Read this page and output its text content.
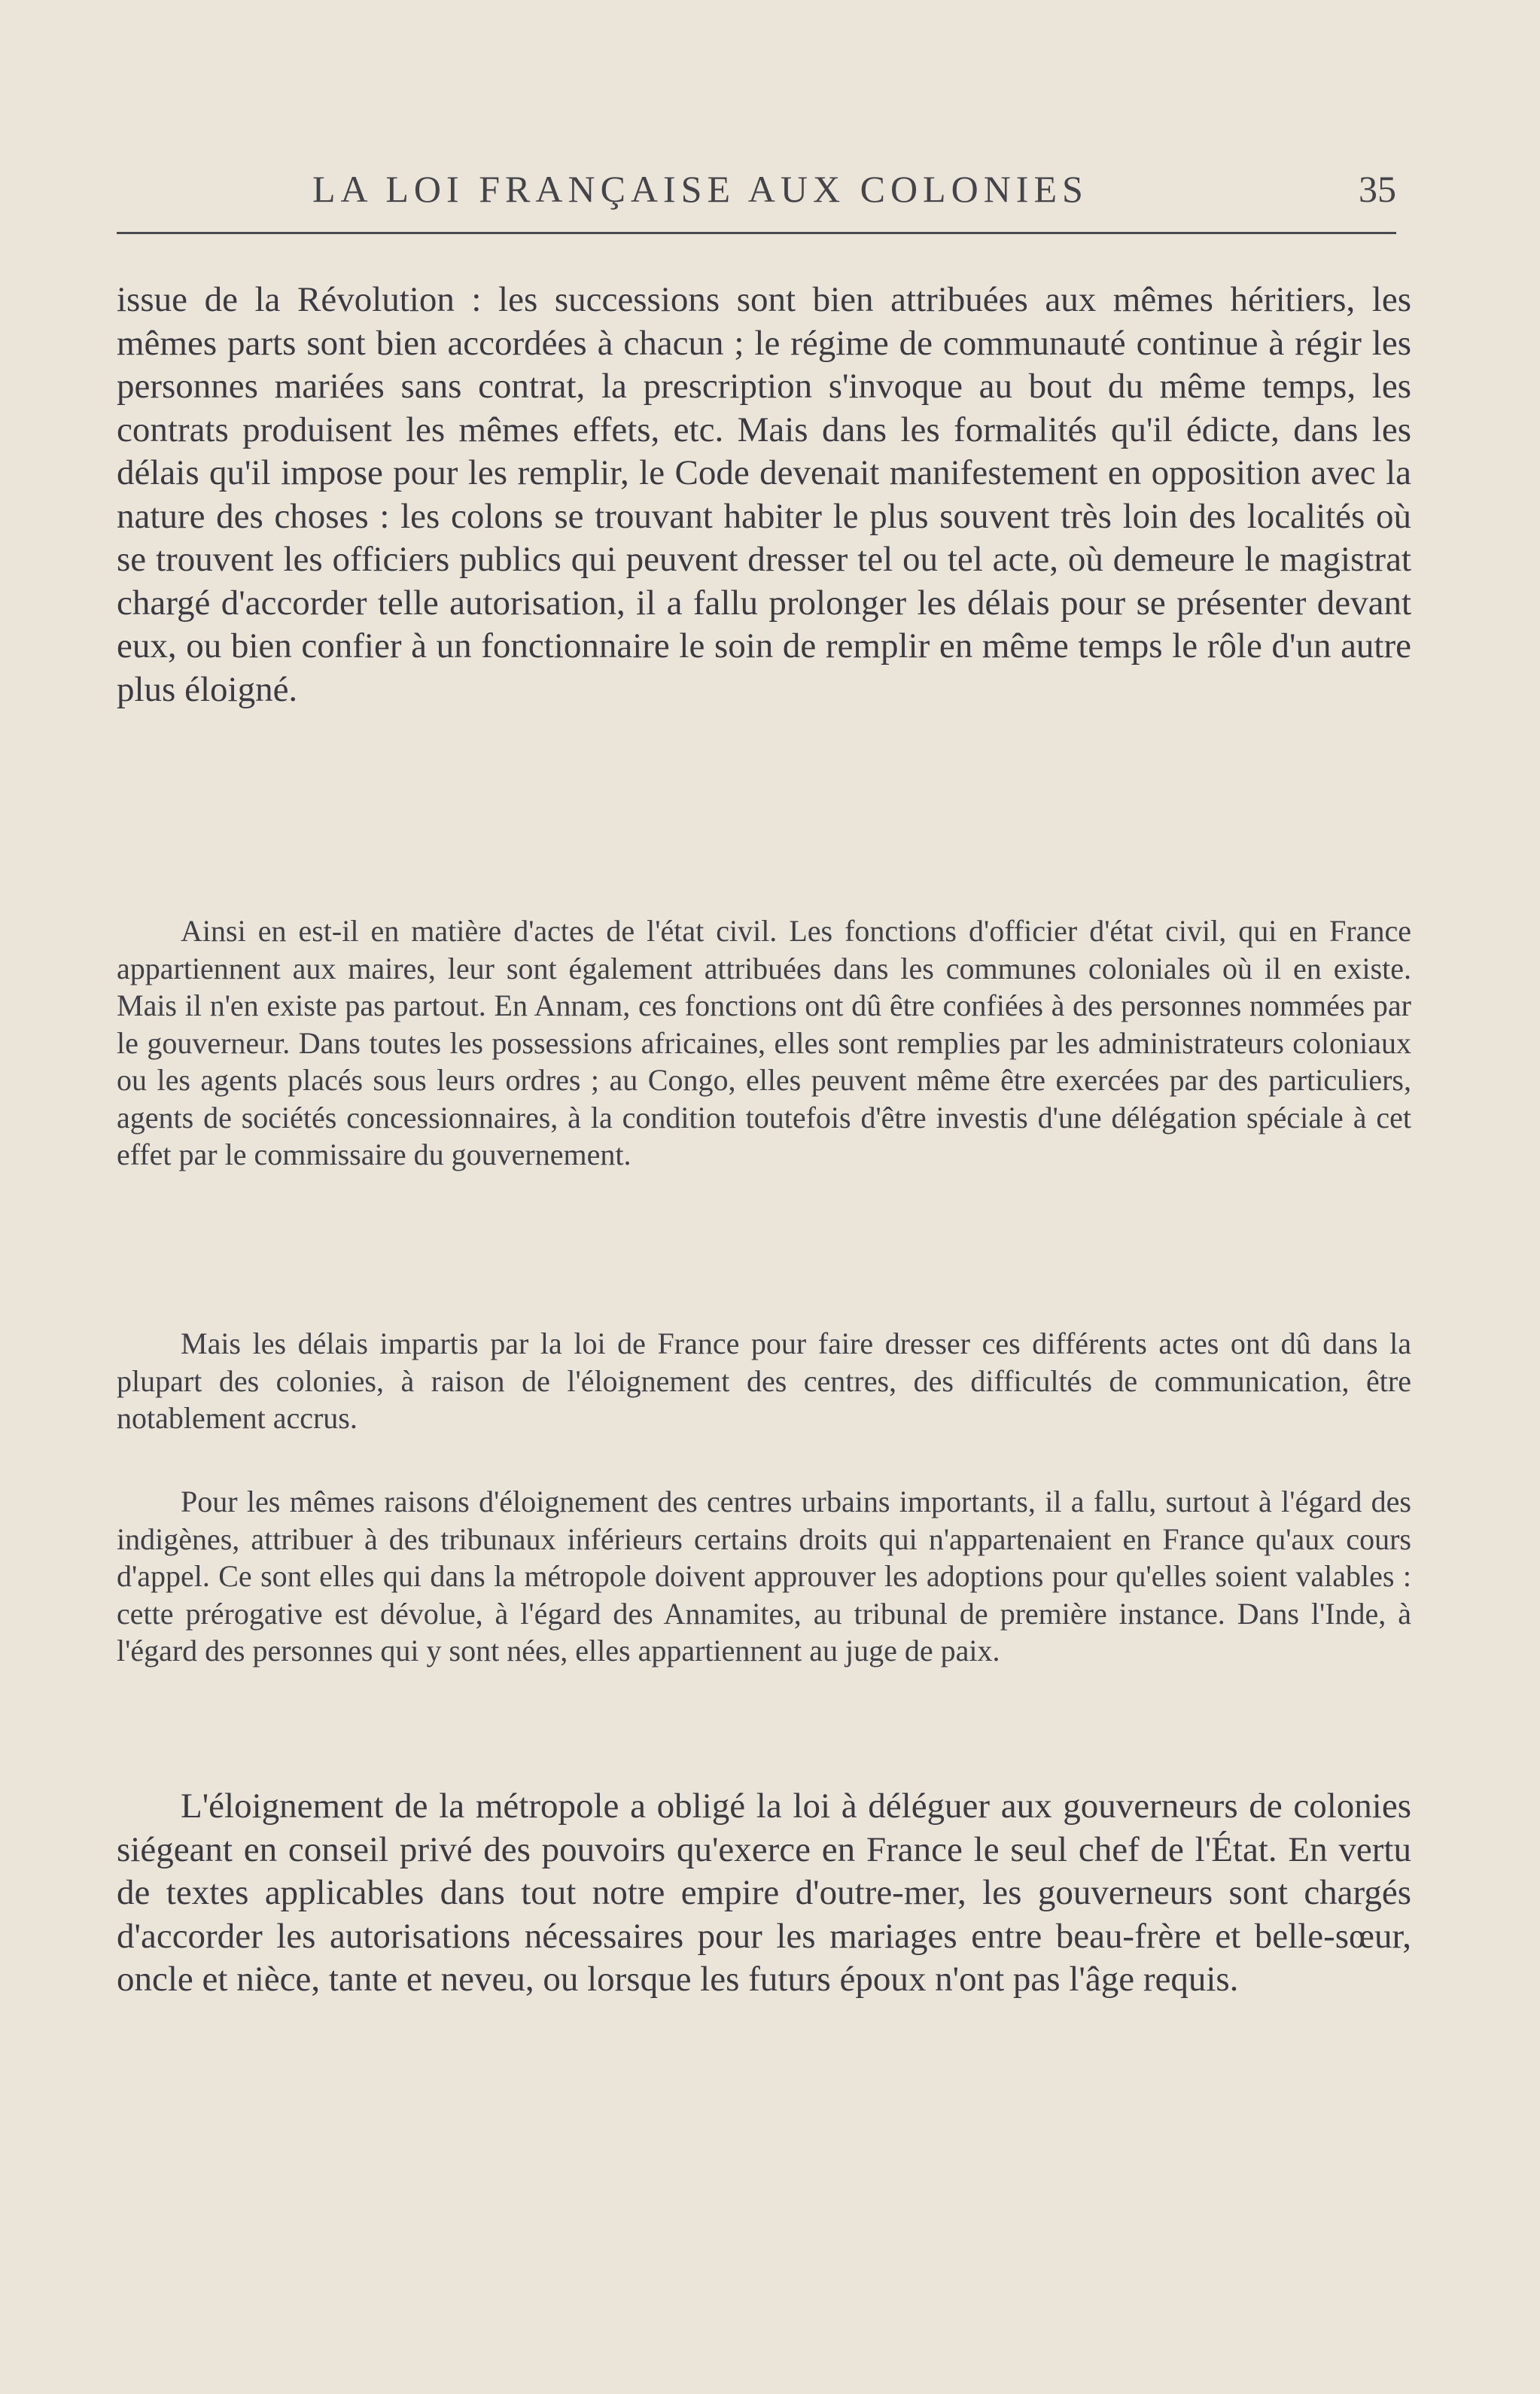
LA LOI FRANÇAISE AUX COLONIES	35

issue de la Révolution : les successions sont bien attribuées aux mêmes héritiers, les mêmes parts sont bien accordées à chacun ; le régime de communauté continue à régir les personnes mariées sans contrat, la prescription s'invoque au bout du même temps, les contrats produisent les mêmes effets, etc. Mais dans les formalités qu'il édicte, dans les délais qu'il impose pour les remplir, le Code devenait manifestement en opposition avec la nature des choses : les colons se trouvant habiter le plus souvent très loin des localités où se trouvent les officiers publics qui peuvent dresser tel ou tel acte, où demeure le magistrat chargé d'accorder telle autorisation, il a fallu prolonger les délais pour se présenter devant eux, ou bien confier à un fonctionnaire le soin de remplir en même temps le rôle d'un autre plus éloigné.

Ainsi en est-il en matière d'actes de l'état civil. Les fonctions d'officier d'état civil, qui en France appartiennent aux maires, leur sont également attribuées dans les communes coloniales où il en existe. Mais il n'en existe pas partout. En Annam, ces fonctions ont dû être confiées à des personnes nommées par le gouverneur. Dans toutes les possessions africaines, elles sont remplies par les administrateurs coloniaux ou les agents placés sous leurs ordres ; au Congo, elles peuvent même être exercées par des particuliers, agents de sociétés concessionnaires, à la condition toutefois d'être investis d'une délégation spéciale à cet effet par le commissaire du gouvernement.

Mais les délais impartis par la loi de France pour faire dresser ces différents actes ont dû dans la plupart des colonies, à raison de l'éloignement des centres, des difficultés de communication, être notablement accrus.

Pour les mêmes raisons d'éloignement des centres urbains importants, il a fallu, surtout à l'égard des indigènes, attribuer à des tribunaux inférieurs certains droits qui n'appartenaient en France qu'aux cours d'appel. Ce sont elles qui dans la métropole doivent approuver les adoptions pour qu'elles soient valables : cette prérogative est dévolue, à l'égard des Annamites, au tribunal de première instance. Dans l'Inde, à l'égard des personnes qui y sont nées, elles appartiennent au juge de paix.

L'éloignement de la métropole a obligé la loi à déléguer aux gouverneurs de colonies siégeant en conseil privé des pouvoirs qu'exerce en France le seul chef de l'État. En vertu de textes applicables dans tout notre empire d'outre-mer, les gouverneurs sont chargés d'accorder les autorisations nécessaires pour les mariages entre beau-frère et belle-sœur, oncle et nièce, tante et neveu, ou lorsque les futurs époux n'ont pas l'âge requis.
